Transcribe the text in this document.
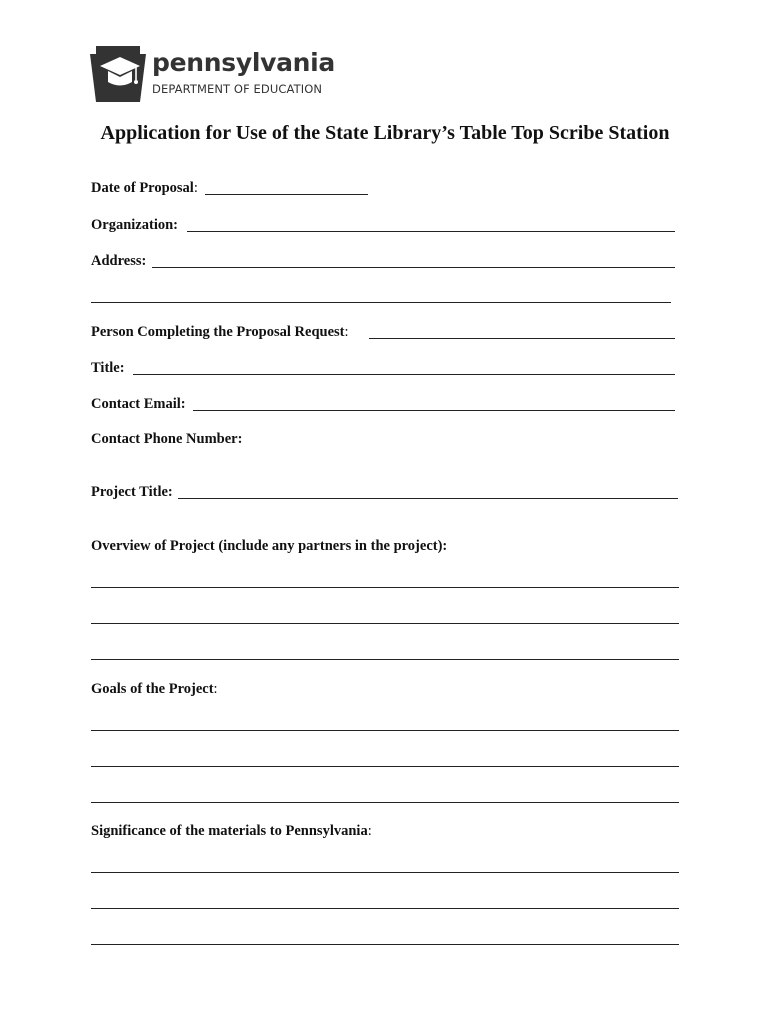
pennsylvania
DEPARTMENT OF EDUCATION
Application for Use of the State Library’s Table Top Scribe Station
Date of Proposal:
Organization:
Address:
Person Completing the Proposal Request:
Title:
Contact Email:
Contact Phone Number:
Project Title:
Overview of Project (include any partners in the project):
Goals of the Project:
Significance of the materials to Pennsylvania:
